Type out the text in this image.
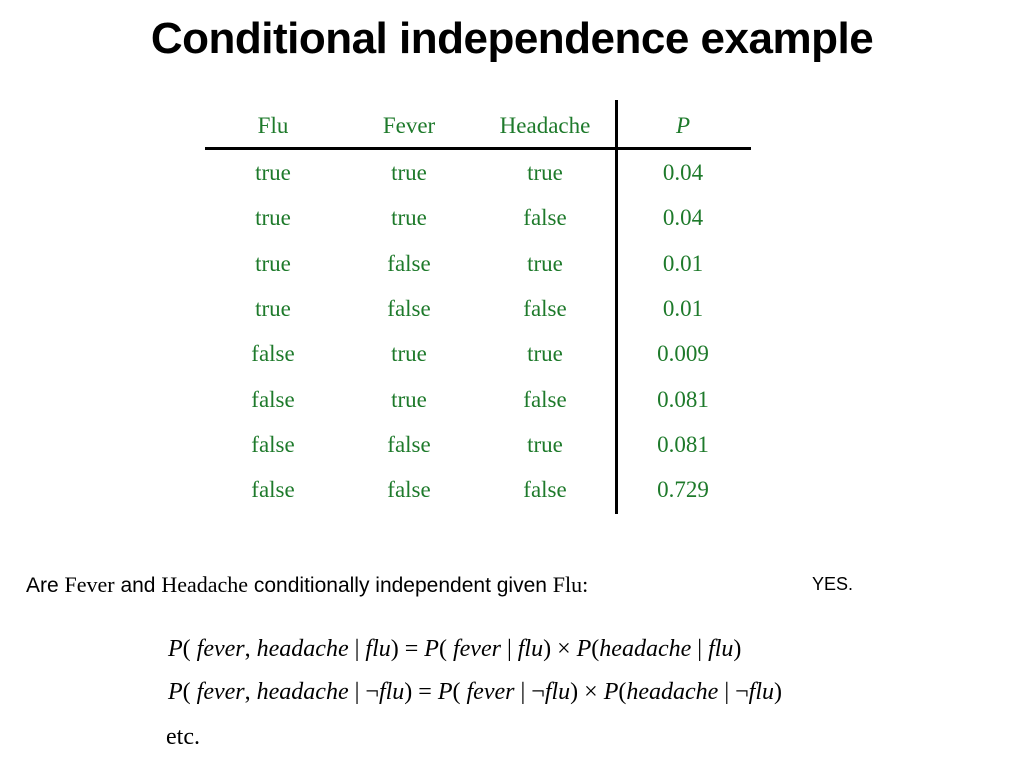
Conditional independence example
Flu	Fever	Headache	P
true	true	true	0.04
true	true	false	0.04
true	false	true	0.01
true	false	false	0.01
false	true	true	0.009
false	true	false	0.081
false	false	true	0.081
false	false	false	0.729
Are Fever and Headache conditionally independent given Flu:	YES.
P( fever, headache | flu) = P( fever | flu) × P(headache | flu)
P( fever, headache | ¬flu) = P( fever | ¬flu) × P(headache | ¬flu)
etc.
